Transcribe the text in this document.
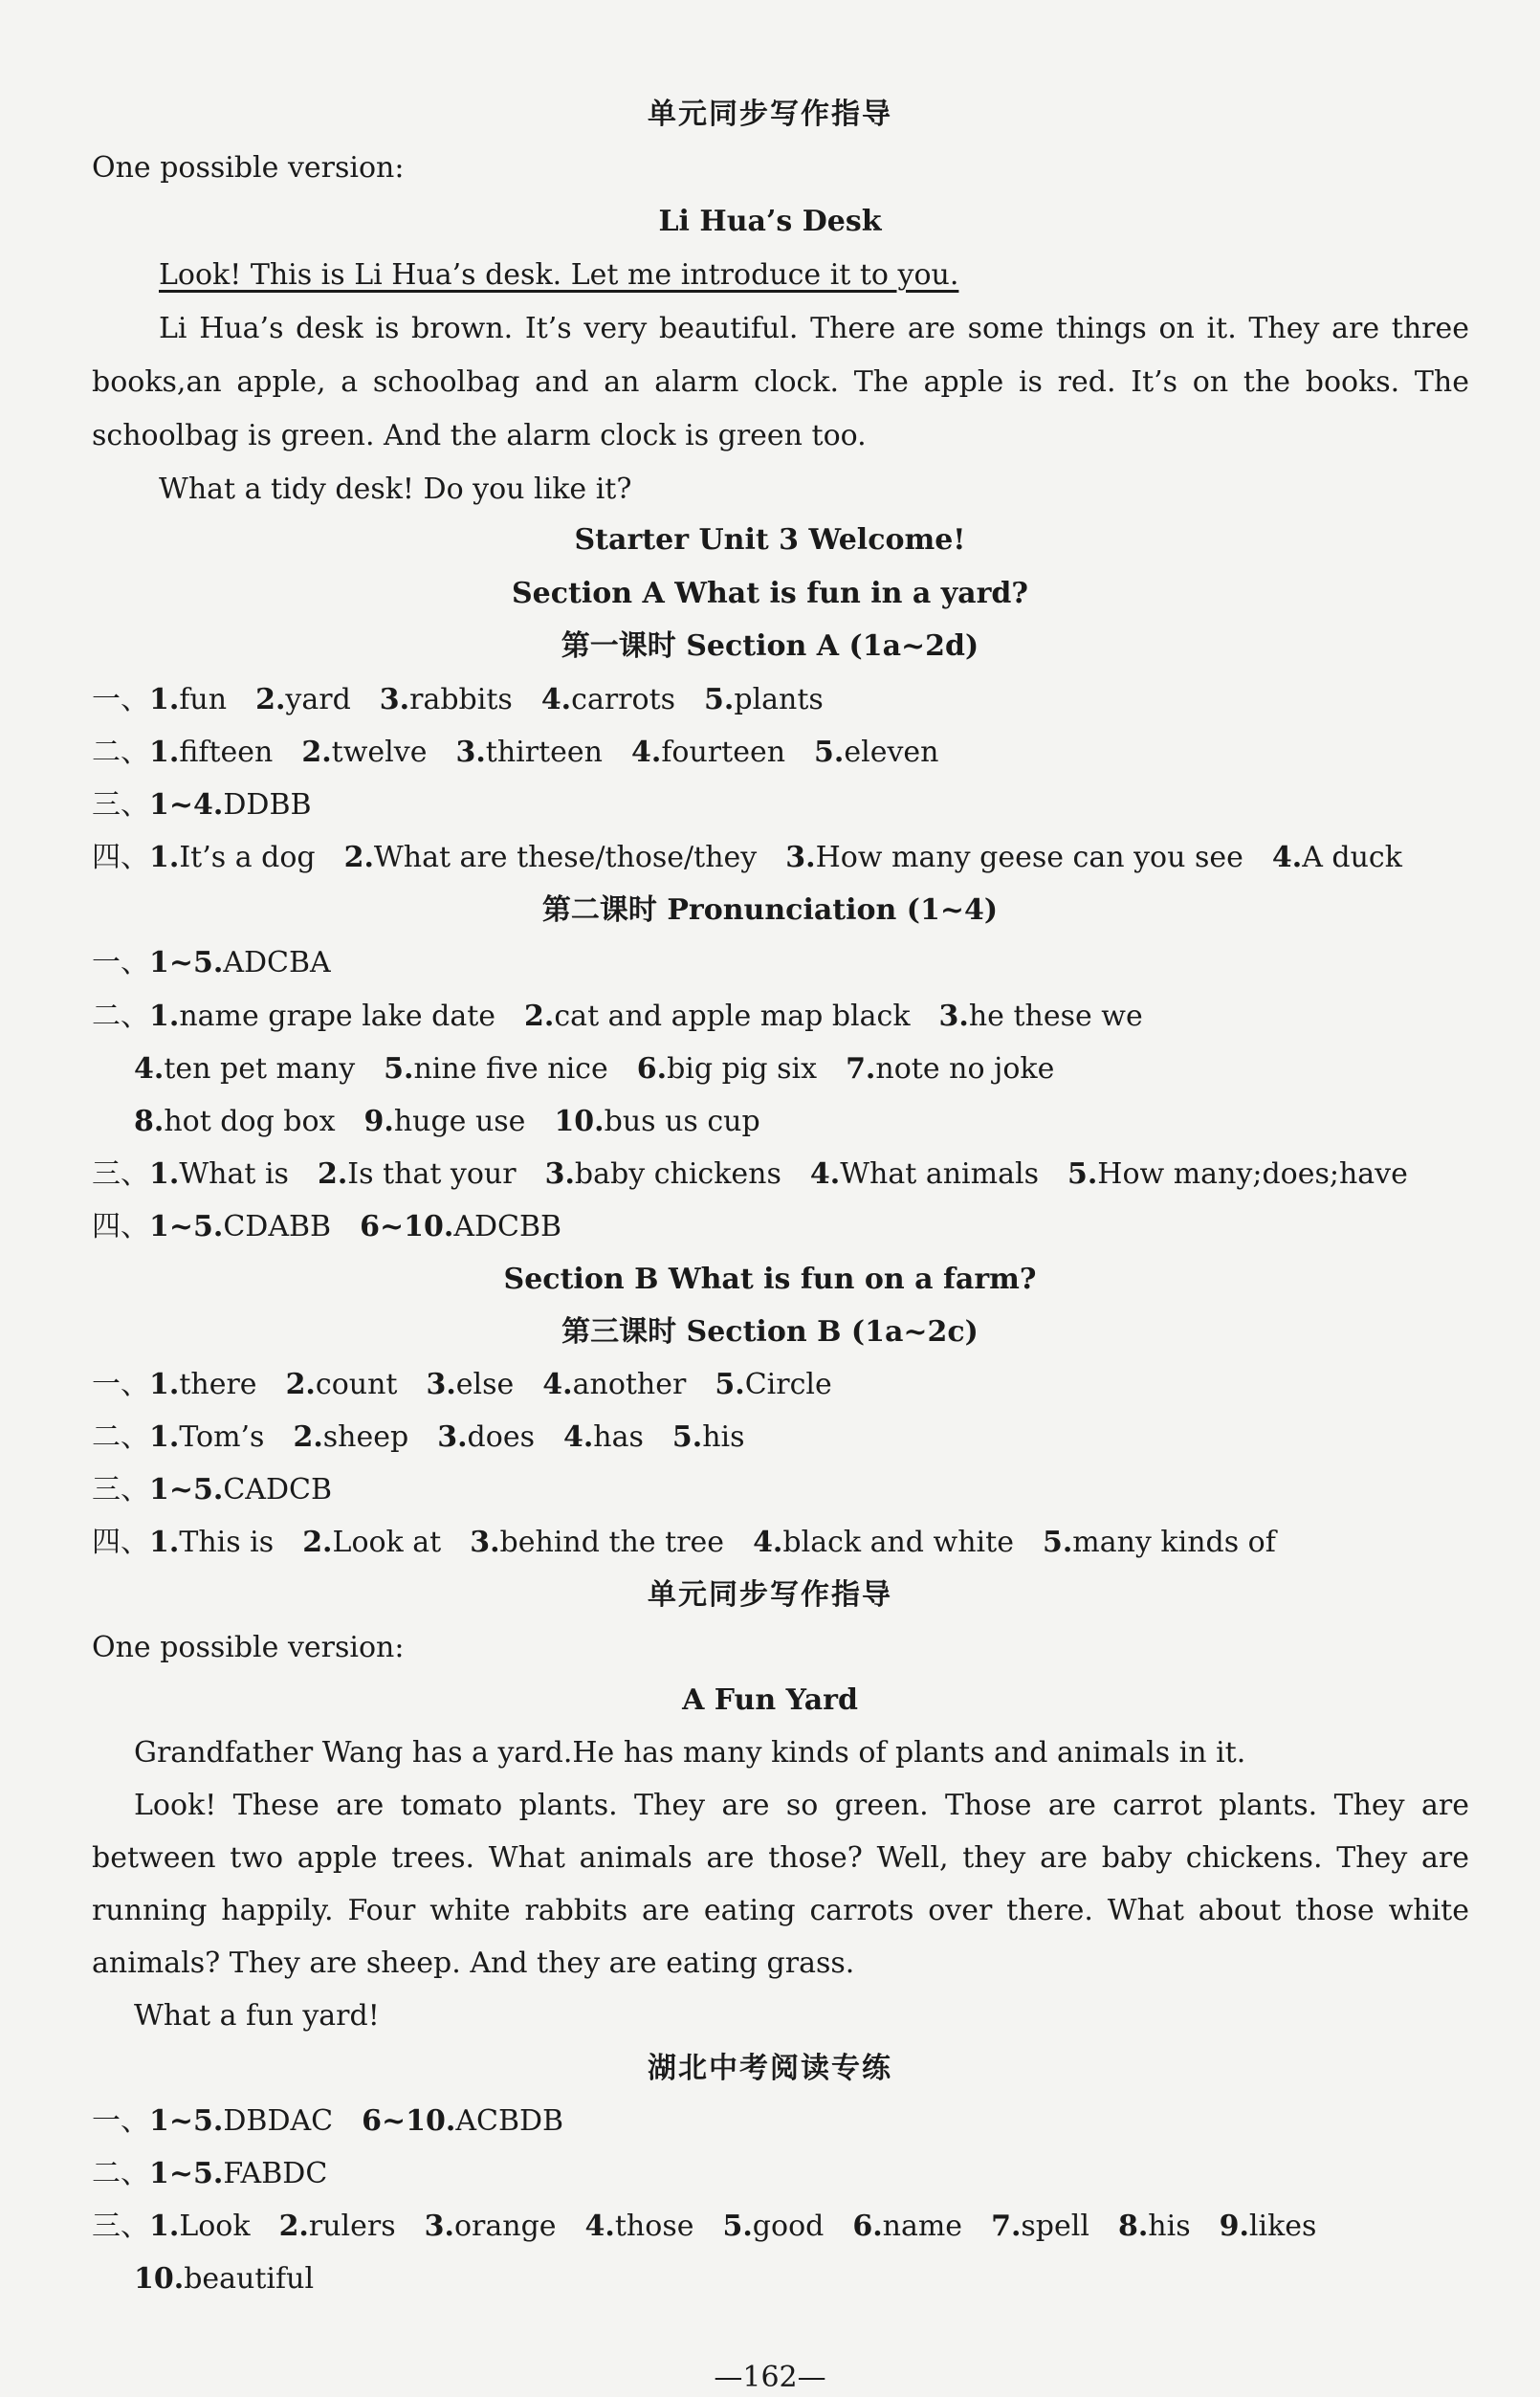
单元同步写作指导
One possible version:
Li Hua’s Desk
Look! This is Li Hua’s desk. Let me introduce it to you.
Li Hua’s desk is brown. It’s very beautiful. There are some things on it. They are three
books,an apple, a schoolbag and an alarm clock. The apple is red. It’s on the books. The
schoolbag is green. And the alarm clock is green too.
What a tidy desk! Do you like it?
Starter Unit 3 Welcome!
Section A What is fun in a yard?
第一课时 Section A (1a~2d)
一、1.fun 2.yard 3.rabbits 4.carrots 5.plants
二、1.fifteen 2.twelve 3.thirteen 4.fourteen 5.eleven
三、1~4.DDBB
四、1.It’s a dog 2.What are these/those/they 3.How many geese can you see 4.A duck
第二课时 Pronunciation (1~4)
一、1~5.ADCBA
二、1.name grape lake date 2.cat and apple map black 3.he these we
4.ten pet many 5.nine five nice 6.big pig six 7.note no joke
8.hot dog box 9.huge use 10.bus us cup
三、1.What is 2.Is that your 3.baby chickens 4.What animals 5.How many;does;have
四、1~5.CDABB 6~10.ADCBB
Section B What is fun on a farm?
第三课时 Section B (1a~2c)
一、1.there 2.count 3.else 4.another 5.Circle
二、1.Tom’s 2.sheep 3.does 4.has 5.his
三、1~5.CADCB
四、1.This is 2.Look at 3.behind the tree 4.black and white 5.many kinds of
单元同步写作指导
One possible version:
A Fun Yard
Grandfather Wang has a yard.He has many kinds of plants and animals in it.
Look! These are tomato plants. They are so green. Those are carrot plants. They are
between two apple trees. What animals are those? Well, they are baby chickens. They are
running happily. Four white rabbits are eating carrots over there. What about those white
animals? They are sheep. And they are eating grass.
What a fun yard!
湖北中考阅读专练
一、1~5.DBDAC 6~10.ACBDB
二、1~5.FABDC
三、1.Look 2.rulers 3.orange 4.those 5.good 6.name 7.spell 8.his 9.likes
10.beautiful
—162—
